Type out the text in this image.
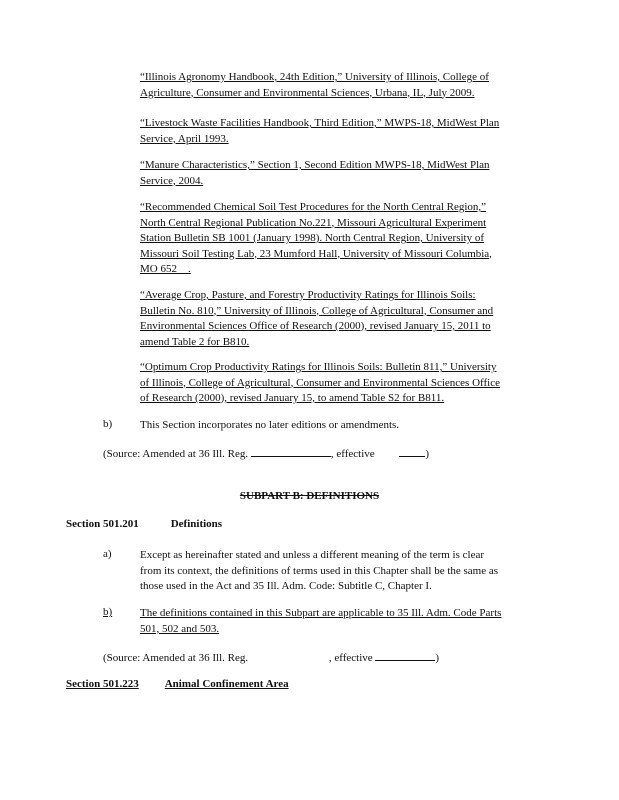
“Illinois Agronomy Handbook, 24th Edition,” University of Illinois, College of
Agriculture, Consumer and Environmental Sciences, Urbana, IL, July 2009.
“Livestock Waste Facilities Handbook, Third Edition,” MWPS-18, MidWest Plan
Service, April 1993.
“Manure Characteristics,” Section 1, Second Edition MWPS-18, MidWest Plan
Service, 2004.
“Recommended Chemical Soil Test Procedures for the North Central Region,”
North Central Regional Publication No.221, Missouri Agricultural Experiment
Station Bulletin SB 1001 (January 1998). North Central Region, University of
Missouri Soil Testing Lab, 23 Mumford Hall, University of Missouri Columbia,
MO 652__.
“Average Crop, Pasture, and Forestry Productivity Ratings for Illinois Soils:
Bulletin No. 810,” University of Illinois, College of Agricultural, Consumer and
Environmental Sciences Office of Research (2000), revised January 15, 2011 to
amend Table 2 for B810.
“Optimum Crop Productivity Ratings for Illinois Soils: Bulletin 811,” University
of Illinois, College of Agricultural, Consumer and Environmental Sciences Office
of Research (2000), revised January 15, to amend Table S2 for B811.
b)	This Section incorporates no later editions or amendments.
(Source: Amended at 36 Ill. Reg.	, effective	)
SUBPART B: DEFINITIONS
Section 501.201	Definitions
a)	Except as hereinafter stated and unless a different meaning of the term is clear
from its context, the definitions of terms used in this Chapter shall be the same as
those used in the Act and 35 Ill. Adm. Code: Subtitle C, Chapter I.
b)	The definitions contained in this Subpart are applicable to 35 Ill. Adm. Code Parts
501, 502 and 503.
(Source: Amended at 36 Ill. Reg.	, effective	)
Section 501.223 Animal Confinement Area
